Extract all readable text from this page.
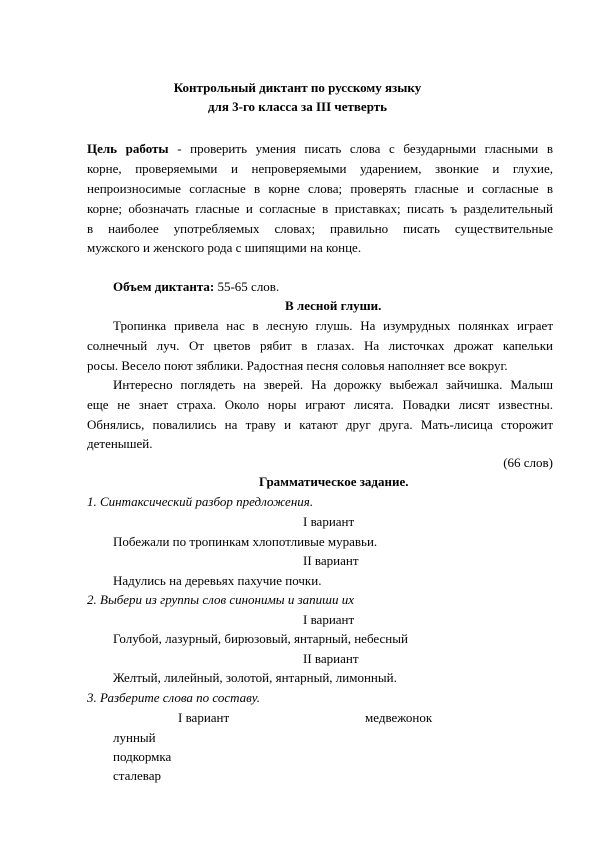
Контрольный диктант по русскому языку
для 3-го класса за III четверть
Цель работы - проверить умения писать слова с безударными гласными в
корне, проверяемыми и непроверяемыми ударением, звонкие и глухие,
непроизносимые согласные в корне слова; проверять гласные и согласные в
корне; обозначать гласные и согласные в приставках; писать ъ разделительный
в наиболее употребляемых словах; правильно писать существительные
мужского и женского рода с шипящими на конце.
Объем диктанта: 55-65 слов.
В лесной глуши.
Тропинка привела нас в лесную глушь. На изумрудных полянках играет
солнечный луч. От цветов рябит в глазах. На листочках дрожат капельки
росы. Весело поют зяблики. Радостная песня соловья наполняет все вокруг.
Интересно поглядеть на зверей. На дорожку выбежал зайчишка. Малыш
еще не знает страха. Около норы играют лисята. Повадки лисят известны.
Обнялись, повалились на траву и катают друг друга. Мать-лисица сторожит
детенышей.
(66 слов)
Грамматическое задание.
1. Синтаксический разбор предложения.
I вариант
Побежали по тропинкам хлопотливые муравьи.
II вариант
Надулись на деревьях пахучие почки.
2. Выбери из группы слов синонимы и запиши их
I вариант
Голубой, лазурный, бирюзовый, янтарный, небесный
II вариант
Желтый, лилейный, золотой, янтарный, лимонный.
3. Разберите слова по составу.
I вариант	медвежонок
лунный
подкормка
сталевар
